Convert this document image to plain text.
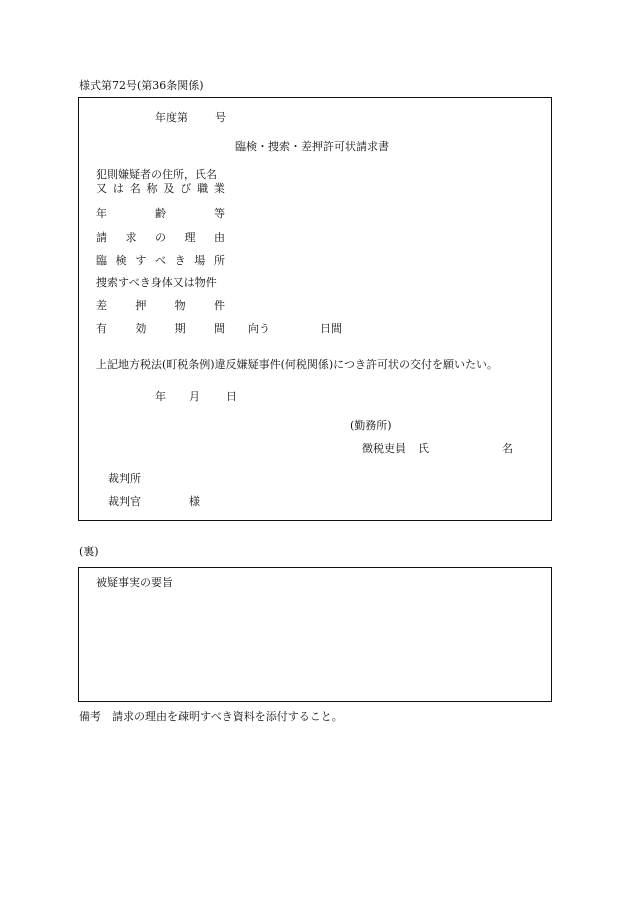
様式第72号(第36条関係)
年度第 号
臨検・捜索・差押許可状請求書
犯則嫌疑者の住所，氏名
又 は 名 称 及 び 職 業
年	齢	等
請 求 の 理 由
臨 検 す べ き 場 所
捜索すべき身体又は物件
差	押	物	件
有	効	期	間 向う	日間
上記地方税法(町税条例)違反嫌疑事件(何税関係)につき許可状の交付を願いたい。
年 月 日
(勤務所)
徴税吏員 氏	名
裁判所
裁判官	様
(裏)
被疑事実の要旨
備考　請求の理由を疎明すべき資料を添付すること。
